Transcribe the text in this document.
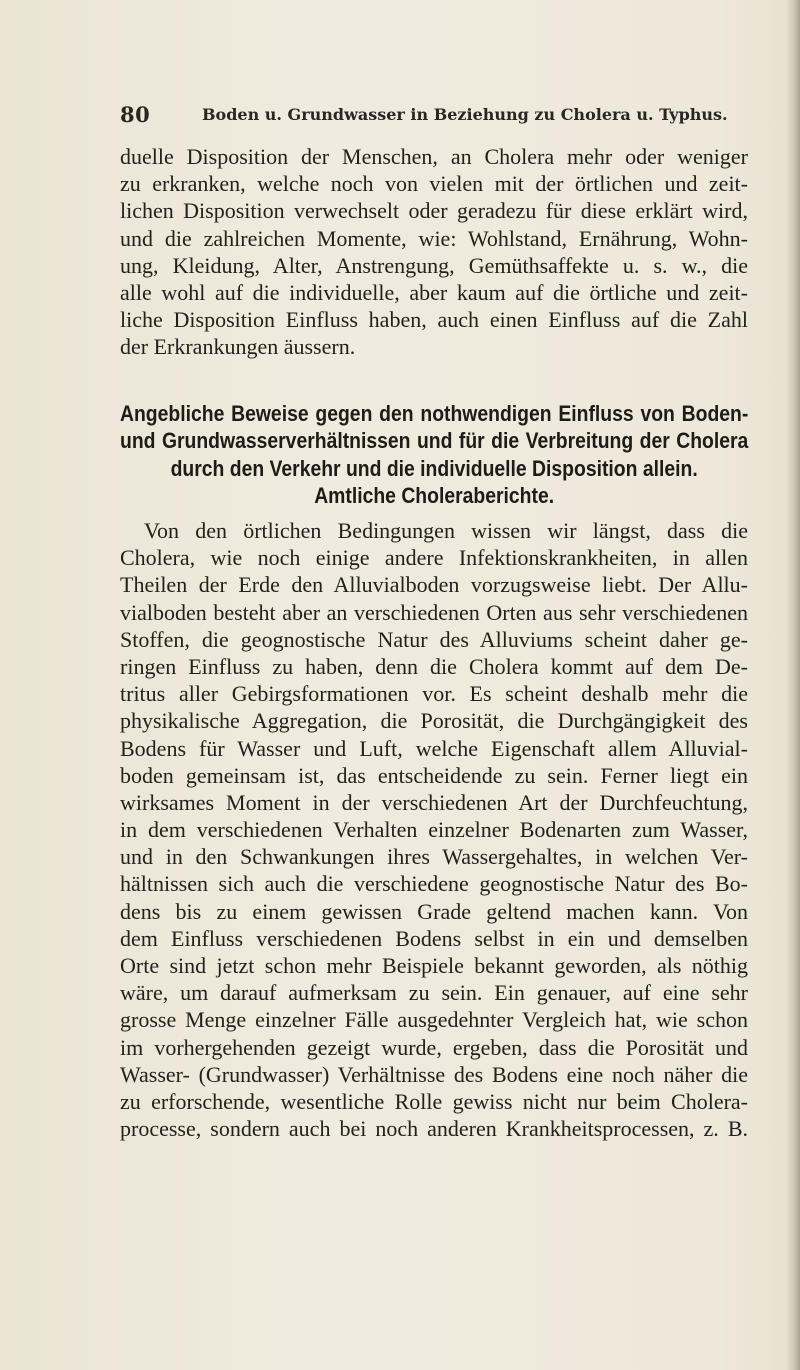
80	Boden u. Grundwasser in Beziehung zu Cholera u. Typhus.
duelle Disposition der Menschen, an Cholera mehr oder weniger
zu erkranken, welche noch von vielen mit der örtlichen und zeit-
lichen Disposition verwechselt oder geradezu für diese erklärt wird,
und die zahlreichen Momente, wie: Wohlstand, Ernährung, Wohn-
ung, Kleidung, Alter, Anstrengung, Gemüthsaffekte u. s. w., die
alle wohl auf die individuelle, aber kaum auf die örtliche und zeit-
liche Disposition Einfluss haben, auch einen Einfluss auf die Zahl
der Erkrankungen äussern.
Angebliche Beweise gegen den nothwendigen Einfluss von Boden-
und Grundwasserverhältnissen und für die Verbreitung der Cholera
durch den Verkehr und die individuelle Disposition allein.
Amtliche Choleraberichte.
Von den örtlichen Bedingungen wissen wir längst, dass die
Cholera, wie noch einige andere Infektionskrankheiten, in allen
Theilen der Erde den Alluvialboden vorzugsweise liebt. Der Allu-
vialboden besteht aber an verschiedenen Orten aus sehr verschiedenen
Stoffen, die geognostische Natur des Alluviums scheint daher ge-
ringen Einfluss zu haben, denn die Cholera kommt auf dem De-
tritus aller Gebirgsformationen vor. Es scheint deshalb mehr die
physikalische Aggregation, die Porosität, die Durchgängigkeit des
Bodens für Wasser und Luft, welche Eigenschaft allem Alluvial-
boden gemeinsam ist, das entscheidende zu sein. Ferner liegt ein
wirksames Moment in der verschiedenen Art der Durchfeuchtung,
in dem verschiedenen Verhalten einzelner Bodenarten zum Wasser,
und in den Schwankungen ihres Wassergehaltes, in welchen Ver-
hältnissen sich auch die verschiedene geognostische Natur des Bo-
dens bis zu einem gewissen Grade geltend machen kann. Von
dem Einfluss verschiedenen Bodens selbst in ein und demselben
Orte sind jetzt schon mehr Beispiele bekannt geworden, als nöthig
wäre, um darauf aufmerksam zu sein. Ein genauer, auf eine sehr
grosse Menge einzelner Fälle ausgedehnter Vergleich hat, wie schon
im vorhergehenden gezeigt wurde, ergeben, dass die Porosität und
Wasser- (Grundwasser) Verhältnisse des Bodens eine noch näher die
zu erforschende, wesentliche Rolle gewiss nicht nur beim Cholera-
processe, sondern auch bei noch anderen Krankheitsprocessen, z. B.
